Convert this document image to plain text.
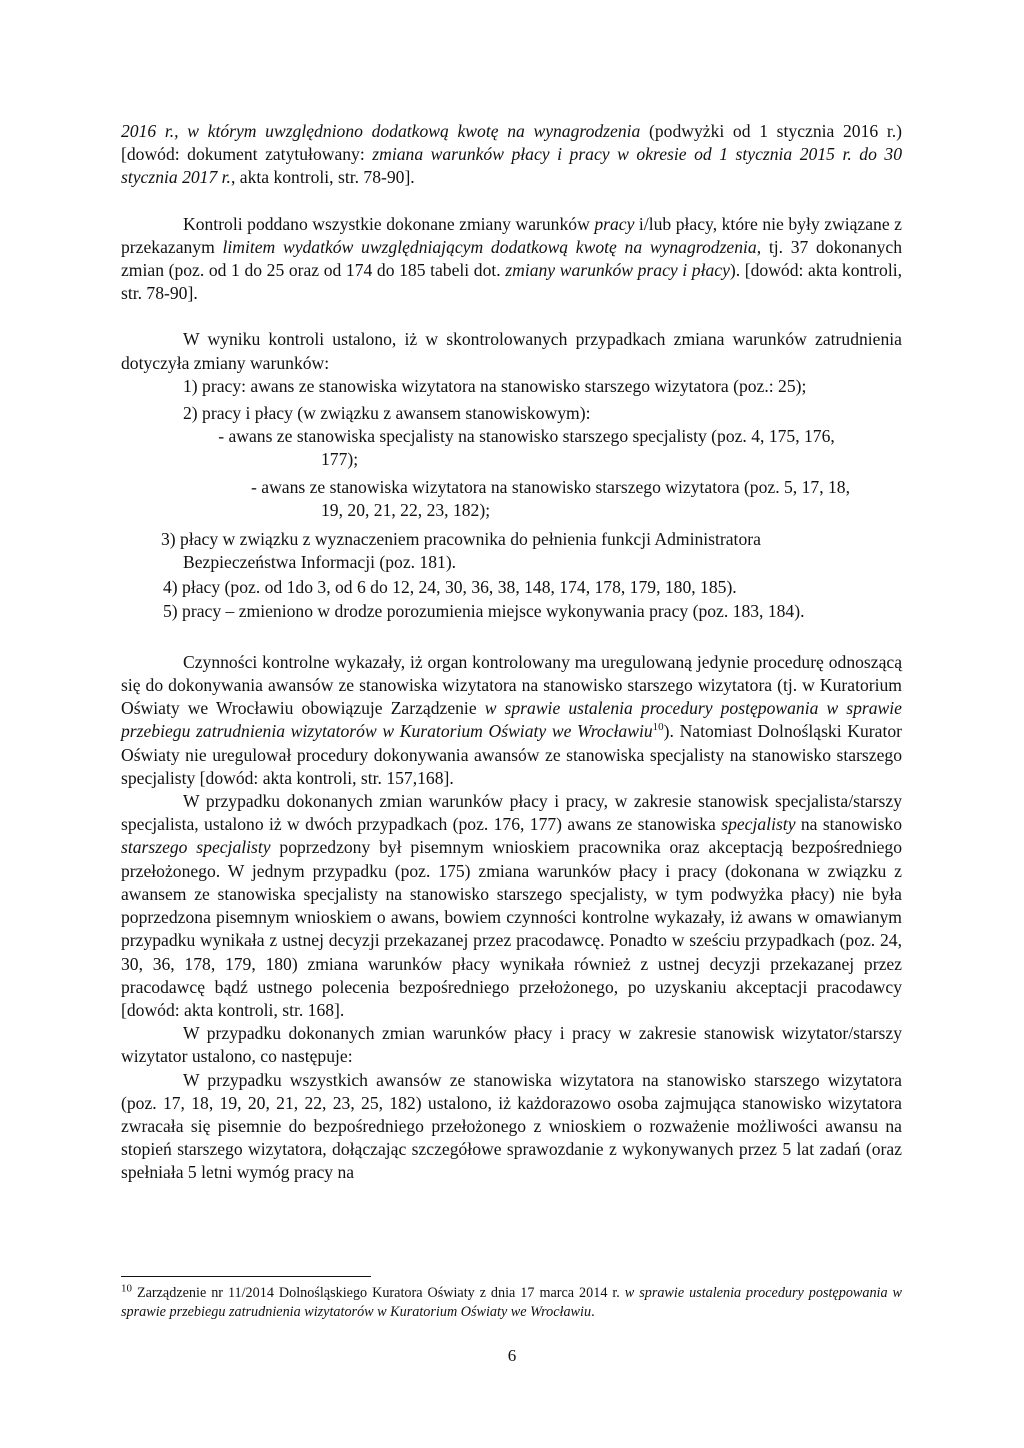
2016 r., w którym uwzględniono dodatkową kwotę na wynagrodzenia (podwyżki od 1 stycznia 2016 r.) [dowód: dokument zatytułowany: zmiana warunków płacy i pracy w okresie od 1 stycznia 2015 r. do 30 stycznia 2017 r., akta kontroli, str. 78-90].

Kontroli poddano wszystkie dokonane zmiany warunków pracy i/lub płacy, które nie były związane z przekazanym limitem wydatków uwzględniającym dodatkową kwotę na wynagrodzenia, tj. 37 dokonanych zmian (poz. od 1 do 25 oraz od 174 do 185 tabeli dot. zmiany warunków pracy i płacy). [dowód: akta kontroli, str. 78-90].

W wyniku kontroli ustalono, iż w skontrolowanych przypadkach zmiana warunków zatrudnienia dotyczyła zmiany warunków:

1) pracy: awans ze stanowiska wizytatora na stanowisko starszego wizytatora (poz.: 25);

2) pracy i płacy (w związku z awansem stanowiskowym):

- awans ze stanowiska specjalisty na stanowisko starszego specjalisty (poz. 4, 175, 176,

177);

- awans ze stanowiska wizytatora na stanowisko starszego wizytatora (poz. 5, 17, 18,

19, 20, 21, 22, 23, 182);

3) płacy w związku z wyznaczeniem pracownika do pełnienia funkcji Administratora

Bezpieczeństwa Informacji (poz. 181).

4) płacy (poz. od 1do 3, od 6 do 12, 24, 30, 36, 38, 148, 174, 178, 179, 180, 185).

5) pracy – zmieniono w drodze porozumienia miejsce wykonywania pracy (poz. 183, 184).

Czynności kontrolne wykazały, iż organ kontrolowany ma uregulowaną jedynie procedurę odnoszącą się do dokonywania awansów ze stanowiska wizytatora na stanowisko starszego wizytatora (tj. w Kuratorium Oświaty we Wrocławiu obowiązuje Zarządzenie w sprawie ustalenia procedury postępowania w sprawie przebiegu zatrudnienia wizytatorów w Kuratorium Oświaty we Wrocławiu$^{10}$). Natomiast Dolnośląski Kurator Oświaty nie uregulował procedury dokonywania awansów ze stanowiska specjalisty na stanowisko starszego specjalisty [dowód: akta kontroli, str. 157,168].

W przypadku dokonanych zmian warunków płacy i pracy, w zakresie stanowisk specjalista/starszy specjalista, ustalono iż w dwóch przypadkach (poz. 176, 177) awans ze stanowiska specjalisty na stanowisko starszego specjalisty poprzedzony był pisemnym wnioskiem pracownika oraz akceptacją bezpośredniego przełożonego. W jednym przypadku (poz. 175) zmiana warunków płacy i pracy (dokonana w związku z awansem ze stanowiska specjalisty na stanowisko starszego specjalisty, w tym podwyżka płacy) nie była poprzedzona pisemnym wnioskiem o awans, bowiem czynności kontrolne wykazały, iż awans w omawianym przypadku wynikała z ustnej decyzji przekazanej przez pracodawcę. Ponadto w sześciu przypadkach (poz. 24, 30, 36, 178, 179, 180) zmiana warunków płacy wynikała również z ustnej decyzji przekazanej przez pracodawcę bądź ustnego polecenia bezpośredniego przełożonego, po uzyskaniu akceptacji pracodawcy [dowód: akta kontroli, str. 168].

W przypadku dokonanych zmian warunków płacy i pracy w zakresie stanowisk wizytator/starszy wizytator ustalono, co następuje:

W przypadku wszystkich awansów ze stanowiska wizytatora na stanowisko starszego wizytatora (poz. 17, 18, 19, 20, 21, 22, 23, 25, 182) ustalono, iż każdorazowo osoba zajmująca stanowisko wizytatora zwracała się pisemnie do bezpośredniego przełożonego z wnioskiem o rozważenie możliwości awansu na stopień starszego wizytatora, dołączając szczegółowe sprawozdanie z wykonywanych przez 5 lat zadań (oraz spełniała 5 letni wymóg pracy na

$^{10}$ Zarządzenie nr 11/2014 Dolnośląskiego Kuratora Oświaty z dnia 17 marca 2014 r. w sprawie ustalenia procedury postępowania w sprawie przebiegu zatrudnienia wizytatorów w Kuratorium Oświaty we Wrocławiu.

6
